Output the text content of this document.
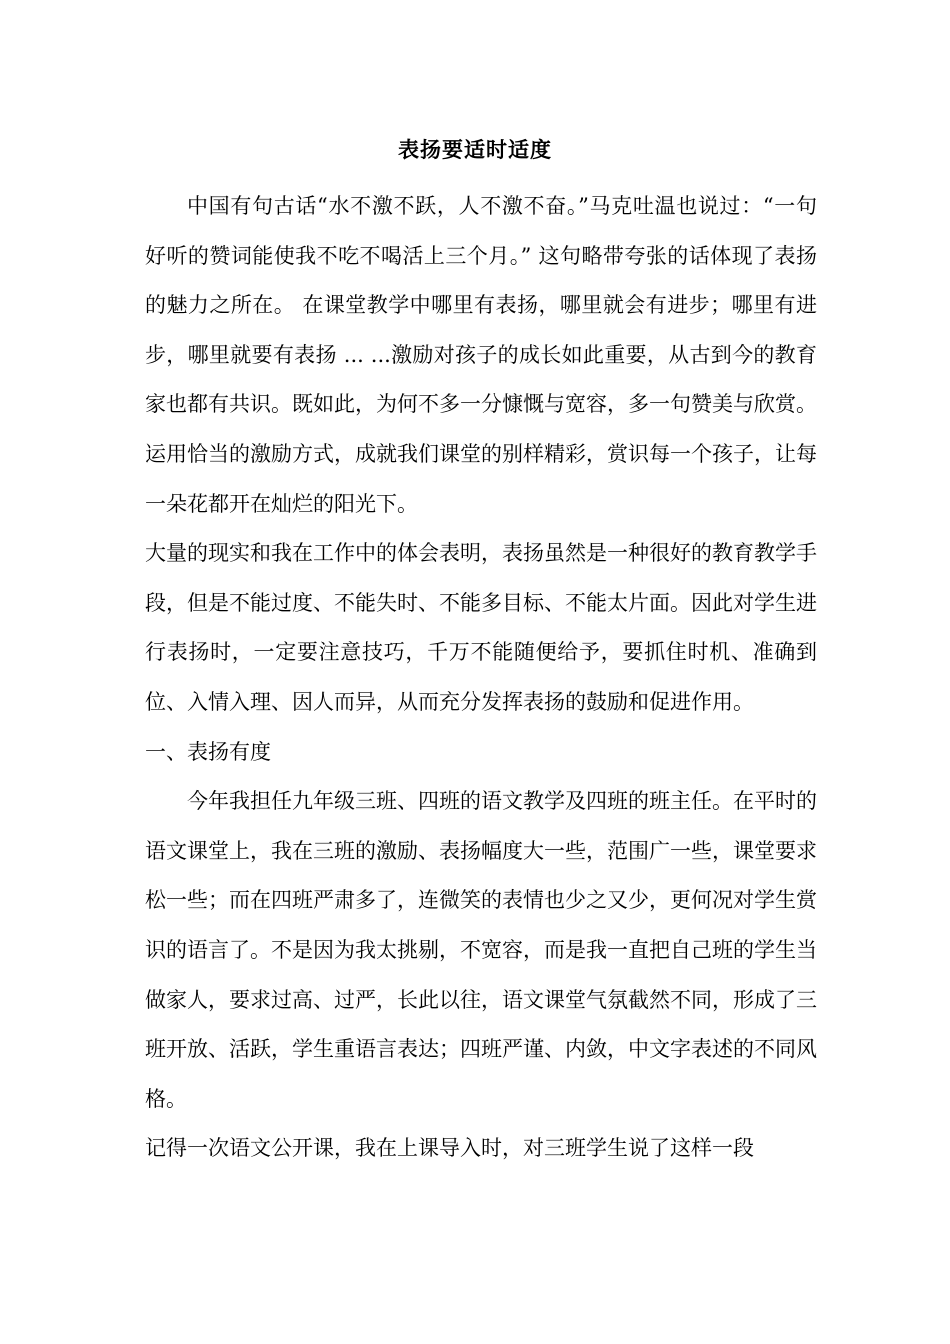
表扬要适时适度

中国有句古话“水不激不跃，人不激不奋。”马克吐温也说过：“一句好听的赞词能使我不吃不喝活上三个月。” 这句略带夸张的话体现了表扬的魅力之所在。 在课堂教学中哪里有表扬，哪里就会有进步；哪里有进步，哪里就要有表扬 ... ...激励对孩子的成长如此重要，从古到今的教育家也都有共识。既如此，为何不多一分慷慨与宽容，多一句赞美与欣赏。运用恰当的激励方式，成就我们课堂的别样精彩，赏识每一个孩子，让每一朵花都开在灿烂的阳光下。

大量的现实和我在工作中的体会表明，表扬虽然是一种很好的教育教学手段，但是不能过度、不能失时、不能多目标、不能太片面。因此对学生进行表扬时，一定要注意技巧，千万不能随便给予，要抓住时机、准确到位、入情入理、因人而异，从而充分发挥表扬的鼓励和促进作用。

一、表扬有度

今年我担任九年级三班、四班的语文教学及四班的班主任。在平时的语文课堂上，我在三班的激励、表扬幅度大一些，范围广一些，课堂要求松一些；而在四班严肃多了，连微笑的表情也少之又少，更何况对学生赏识的语言了。不是因为我太挑剔，不宽容，而是我一直把自己班的学生当做家人，要求过高、过严，长此以往，语文课堂气氛截然不同，形成了三班开放、活跃，学生重语言表达；四班严谨、内敛，中文字表述的不同风格。

记得一次语文公开课，我在上课导入时，对三班学生说了这样一段
